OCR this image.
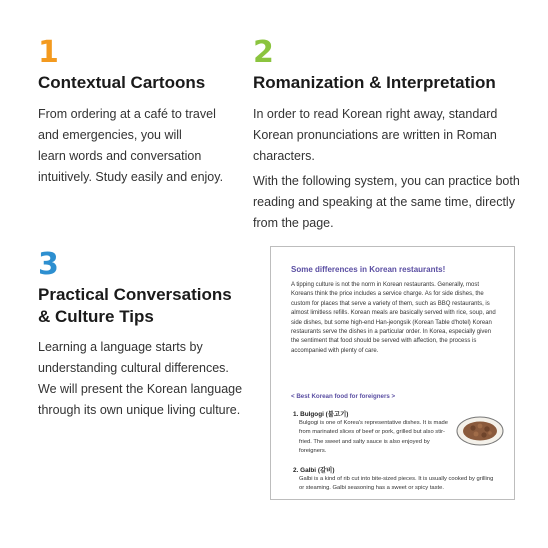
1
Contextual Cartoons
From ordering at a café to travel
and emergencies, you will
learn words and conversation
intuitively. Study easily and enjoy.
2
Romanization & Interpretation

In order to read Korean right away, standard Korean pronunciations are written in Roman characters.

With the following system, you can practice both reading and speaking at the same time, directly from the page.

3
Practical Conversations
& Culture Tips
Learning a language starts by
understanding cultural differences.
We will present the Korean language
through its own unique living culture.
Some differences in Korean restaurants!

A tipping culture is not the norm in Korean restaurants. Generally, most Koreans think the price includes a service charge. As for side dishes, the custom for places that serve a variety of them, such as BBQ restaurants, is almost limitless refills. Korean meals are basically served with rice, soup, and side dishes, but some high-end Han-jeongsik (Korean Table d'hotel) Korean restaurants serve the dishes in a particular order. In Korea, especially given the sentiment that food should be served with affection, the process is accompanied with plenty of care.

< Best Korean food for foreigners >

1. Bulgogi (불고기)

Bulgogi is one of Korea's representative dishes. It is made from marinated slices of beef or pork, grilled but also stir-fried. The sweet and salty sauce is also enjoyed by foreigners.

2. Galbi (갈비)

Galbi is a kind of rib cut into bite-sized pieces. It is usually cooked by grilling or steaming. Galbi seasoning has a sweet or spicy taste.
